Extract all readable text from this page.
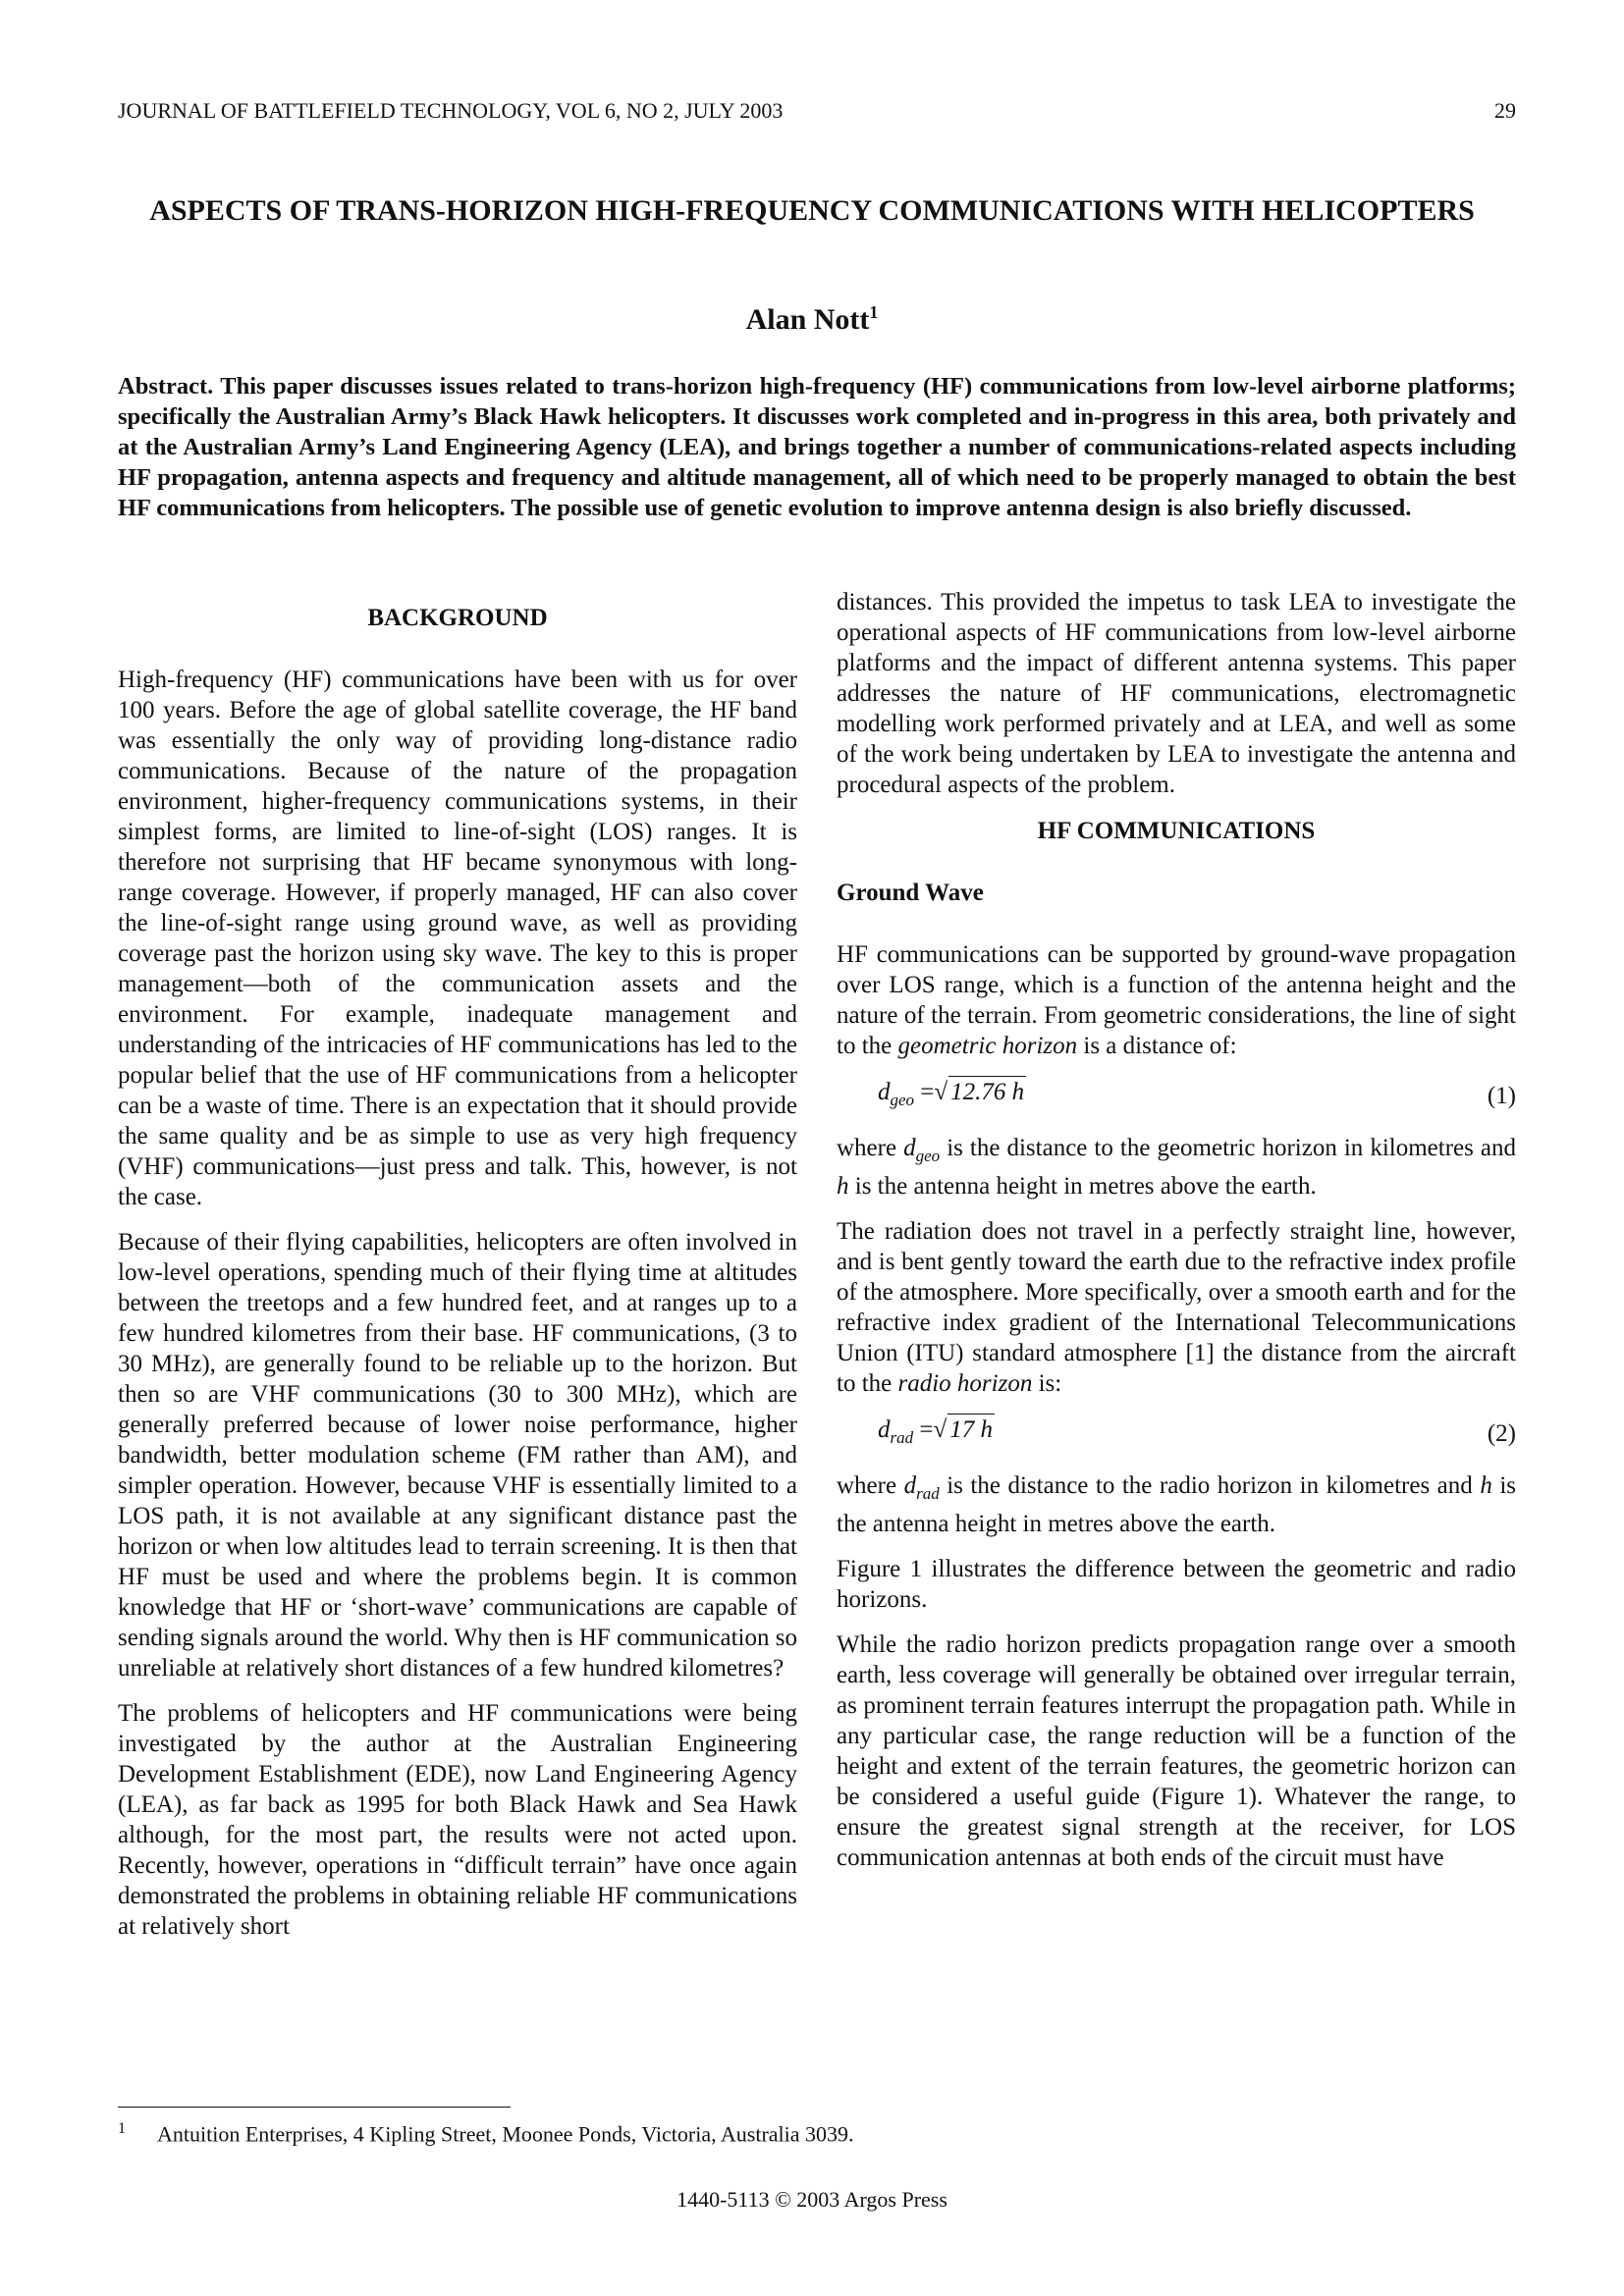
JOURNAL OF BATTLEFIELD TECHNOLOGY, VOL 6, NO 2, JULY 2003	29
ASPECTS OF TRANS-HORIZON HIGH-FREQUENCY COMMUNICATIONS WITH HELICOPTERS
Alan Nott$^1$
Abstract. This paper discusses issues related to trans-horizon high-frequency (HF) communications from low-level airborne platforms; specifically the Australian Army’s Black Hawk helicopters. It discusses work completed and in-progress in this area, both privately and at the Australian Army’s Land Engineering Agency (LEA), and brings together a number of communications-related aspects including HF propagation, antenna aspects and frequency and altitude management, all of which need to be properly managed to obtain the best HF communications from helicopters. The possible use of genetic evolution to improve antenna design is also briefly discussed.
BACKGROUND

High-frequency (HF) communications have been with us for over 100 years. Before the age of global satellite coverage, the HF band was essentially the only way of providing long-distance radio communications. Because of the nature of the propagation environment, higher-frequency communications systems, in their simplest forms, are limited to line-of-sight (LOS) ranges. It is therefore not surprising that HF became synonymous with long-range coverage. However, if properly managed, HF can also cover the line-of-sight range using ground wave, as well as providing coverage past the horizon using sky wave. The key to this is proper management—both of the communication assets and the environment. For example, inadequate management and understanding of the intricacies of HF communications has led to the popular belief that the use of HF communications from a helicopter can be a waste of time. There is an expectation that it should provide the same quality and be as simple to use as very high frequency (VHF) communications—just press and talk. This, however, is not the case.

Because of their flying capabilities, helicopters are often involved in low-level operations, spending much of their flying time at altitudes between the treetops and a few hundred feet, and at ranges up to a few hundred kilometres from their base. HF communications, (3 to 30 MHz), are generally found to be reliable up to the horizon. But then so are VHF communications (30 to 300 MHz), which are generally preferred because of lower noise performance, higher bandwidth, better modulation scheme (FM rather than AM), and simpler operation. However, because VHF is essentially limited to a LOS path, it is not available at any significant distance past the horizon or when low altitudes lead to terrain screening. It is then that HF must be used and where the problems begin. It is common knowledge that HF or ‘short-wave’ communications are capable of sending signals around the world. Why then is HF communication so unreliable at relatively short distances of a few hundred kilometres?

The problems of helicopters and HF communications were being investigated by the author at the Australian Engineering Development Establishment (EDE), now Land Engineering Agency (LEA), as far back as 1995 for both Black Hawk and Sea Hawk although, for the most part, the results were not acted upon. Recently, however, operations in “difficult terrain” have once again demonstrated the problems in obtaining reliable HF communications at relatively short

distances. This provided the impetus to task LEA to investigate the operational aspects of HF communications from low-level airborne platforms and the impact of different antenna systems. This paper addresses the nature of HF communications, electromagnetic modelling work performed privately and at LEA, and well as some of the work being undertaken by LEA to investigate the antenna and procedural aspects of the problem.

HF COMMUNICATIONS
Ground Wave

HF communications can be supported by ground-wave propagation over LOS range, which is a function of the antenna height and the nature of the terrain. From geometric considerations, the line of sight to the geometric horizon is a distance of:

$d_{geo}$ =√ 12.76 h	(1)

where $d_{geo}$ is the distance to the geometric horizon in kilometres and h is the antenna height in metres above the earth.

The radiation does not travel in a perfectly straight line, however, and is bent gently toward the earth due to the refractive index profile of the atmosphere. More specifically, over a smooth earth and for the refractive index gradient of the International Telecommunications Union (ITU) standard atmosphere [1] the distance from the aircraft to the radio horizon is:

$d_{rad}$ =√ 17 h	(2)

where $d_{rad}$ is the distance to the radio horizon in kilometres and h is the antenna height in metres above the earth.

Figure 1 illustrates the difference between the geometric and radio horizons.

While the radio horizon predicts propagation range over a smooth earth, less coverage will generally be obtained over irregular terrain, as prominent terrain features interrupt the propagation path. While in any particular case, the range reduction will be a function of the height and extent of the terrain features, the geometric horizon can be considered a useful guide (Figure 1). Whatever the range, to ensure the greatest signal strength at the receiver, for LOS communication antennas at both ends of the circuit must have

1 Antuition Enterprises, 4 Kipling Street, Moonee Ponds, Victoria, Australia 3039.
1440-5113 © 2003 Argos Press
